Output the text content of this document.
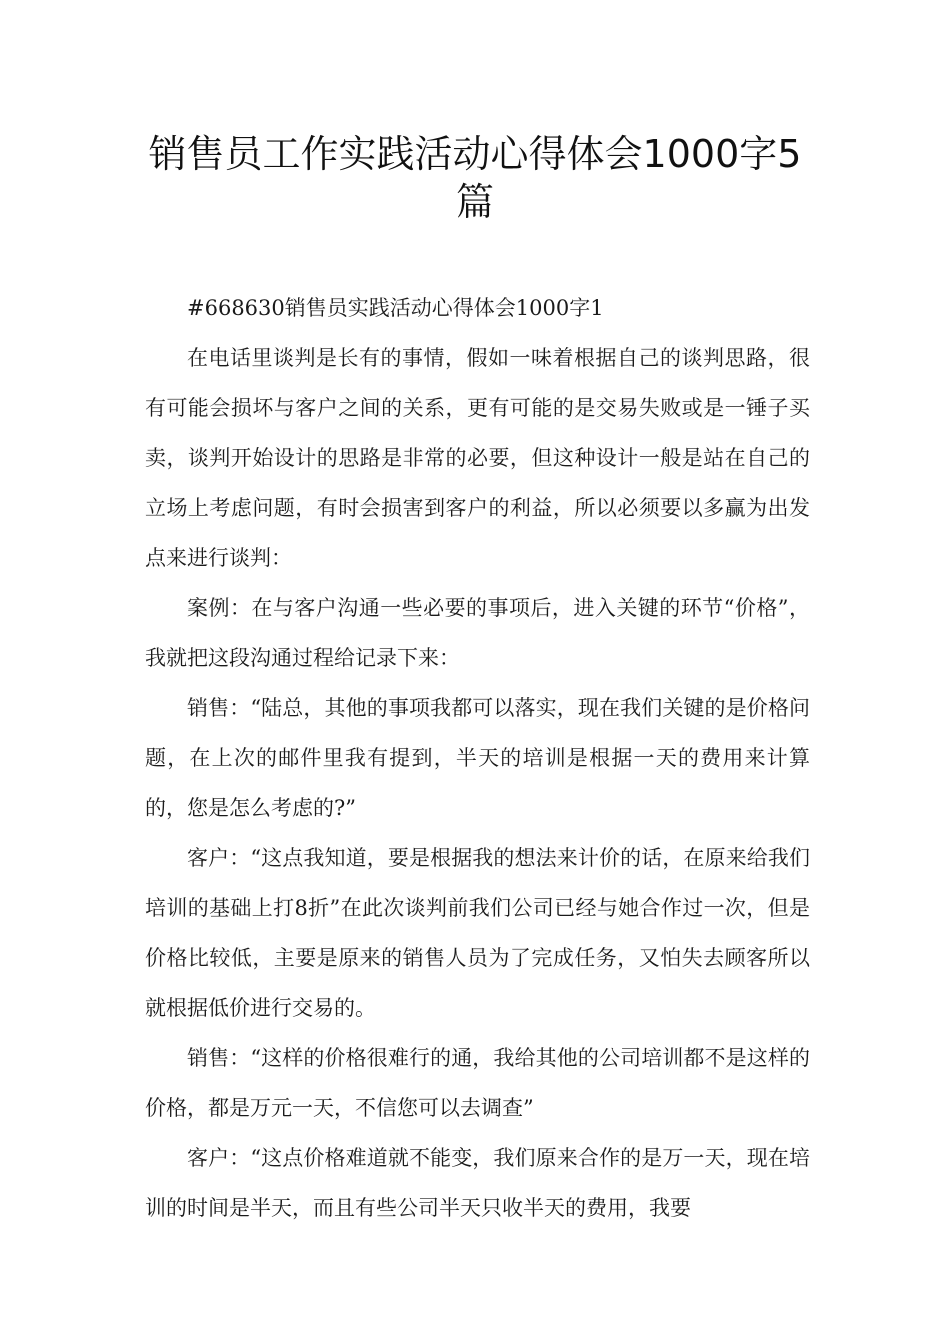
销售员工作实践活动心得体会1000字5
篇

#668630销售员实践活动心得体会1000字1

在电话里谈判是长有的事情，假如一味着根据自己的谈判思路，很有可能会损坏与客户之间的关系，更有可能的是交易失败或是一锤子买卖，谈判开始设计的思路是非常的必要，但这种设计一般是站在自己的立场上考虑问题，有时会损害到客户的利益，所以必须要以多赢为出发点来进行谈判：

案例：在与客户沟通一些必要的事项后，进入关键的环节“价格”，我就把这段沟通过程给记录下来：

销售：“陆总，其他的事项我都可以落实，现在我们关键的是价格问题，在上次的邮件里我有提到，半天的培训是根据一天的费用来计算的，您是怎么考虑的?”

客户：“这点我知道，要是根据我的想法来计价的话，在原来给我们培训的基础上打8折”在此次谈判前我们公司已经与她合作过一次，但是价格比较低，主要是原来的销售人员为了完成任务，又怕失去顾客所以就根据低价进行交易的。

销售：“这样的价格很难行的通，我给其他的公司培训都不是这样的价格，都是万元一天，不信您可以去调查”

客户：“这点价格难道就不能变，我们原来合作的是万一天，现在培训的时间是半天，而且有些公司半天只收半天的费用，我要
